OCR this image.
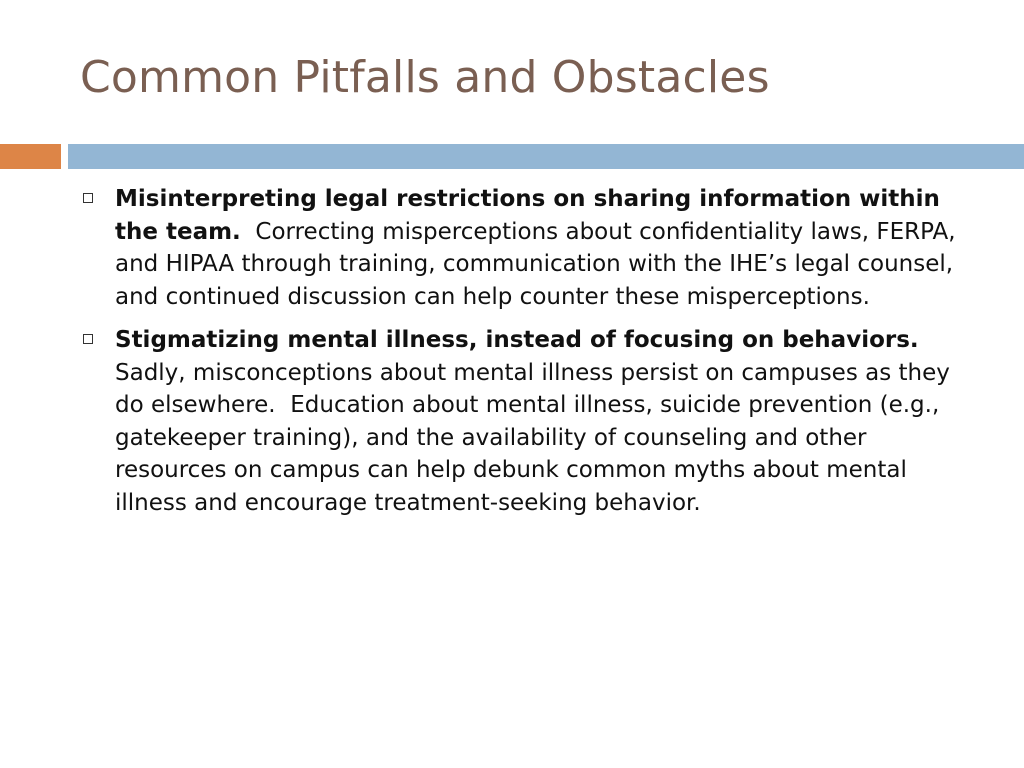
Common Pitfalls and Obstacles
Misinterpreting legal restrictions on sharing information within the team.  Correcting misperceptions about confidentiality laws, FERPA, and HIPAA through training, communication with the IHE’s legal counsel, and continued discussion can help counter these misperceptions.
Stigmatizing mental illness, instead of focusing on behaviors.  Sadly, misconceptions about mental illness persist on campuses as they do elsewhere.  Education about mental illness, suicide prevention (e.g., gatekeeper training), and the availability of counseling and other resources on campus can help debunk common myths about mental illness and encourage treatment-seeking behavior.
